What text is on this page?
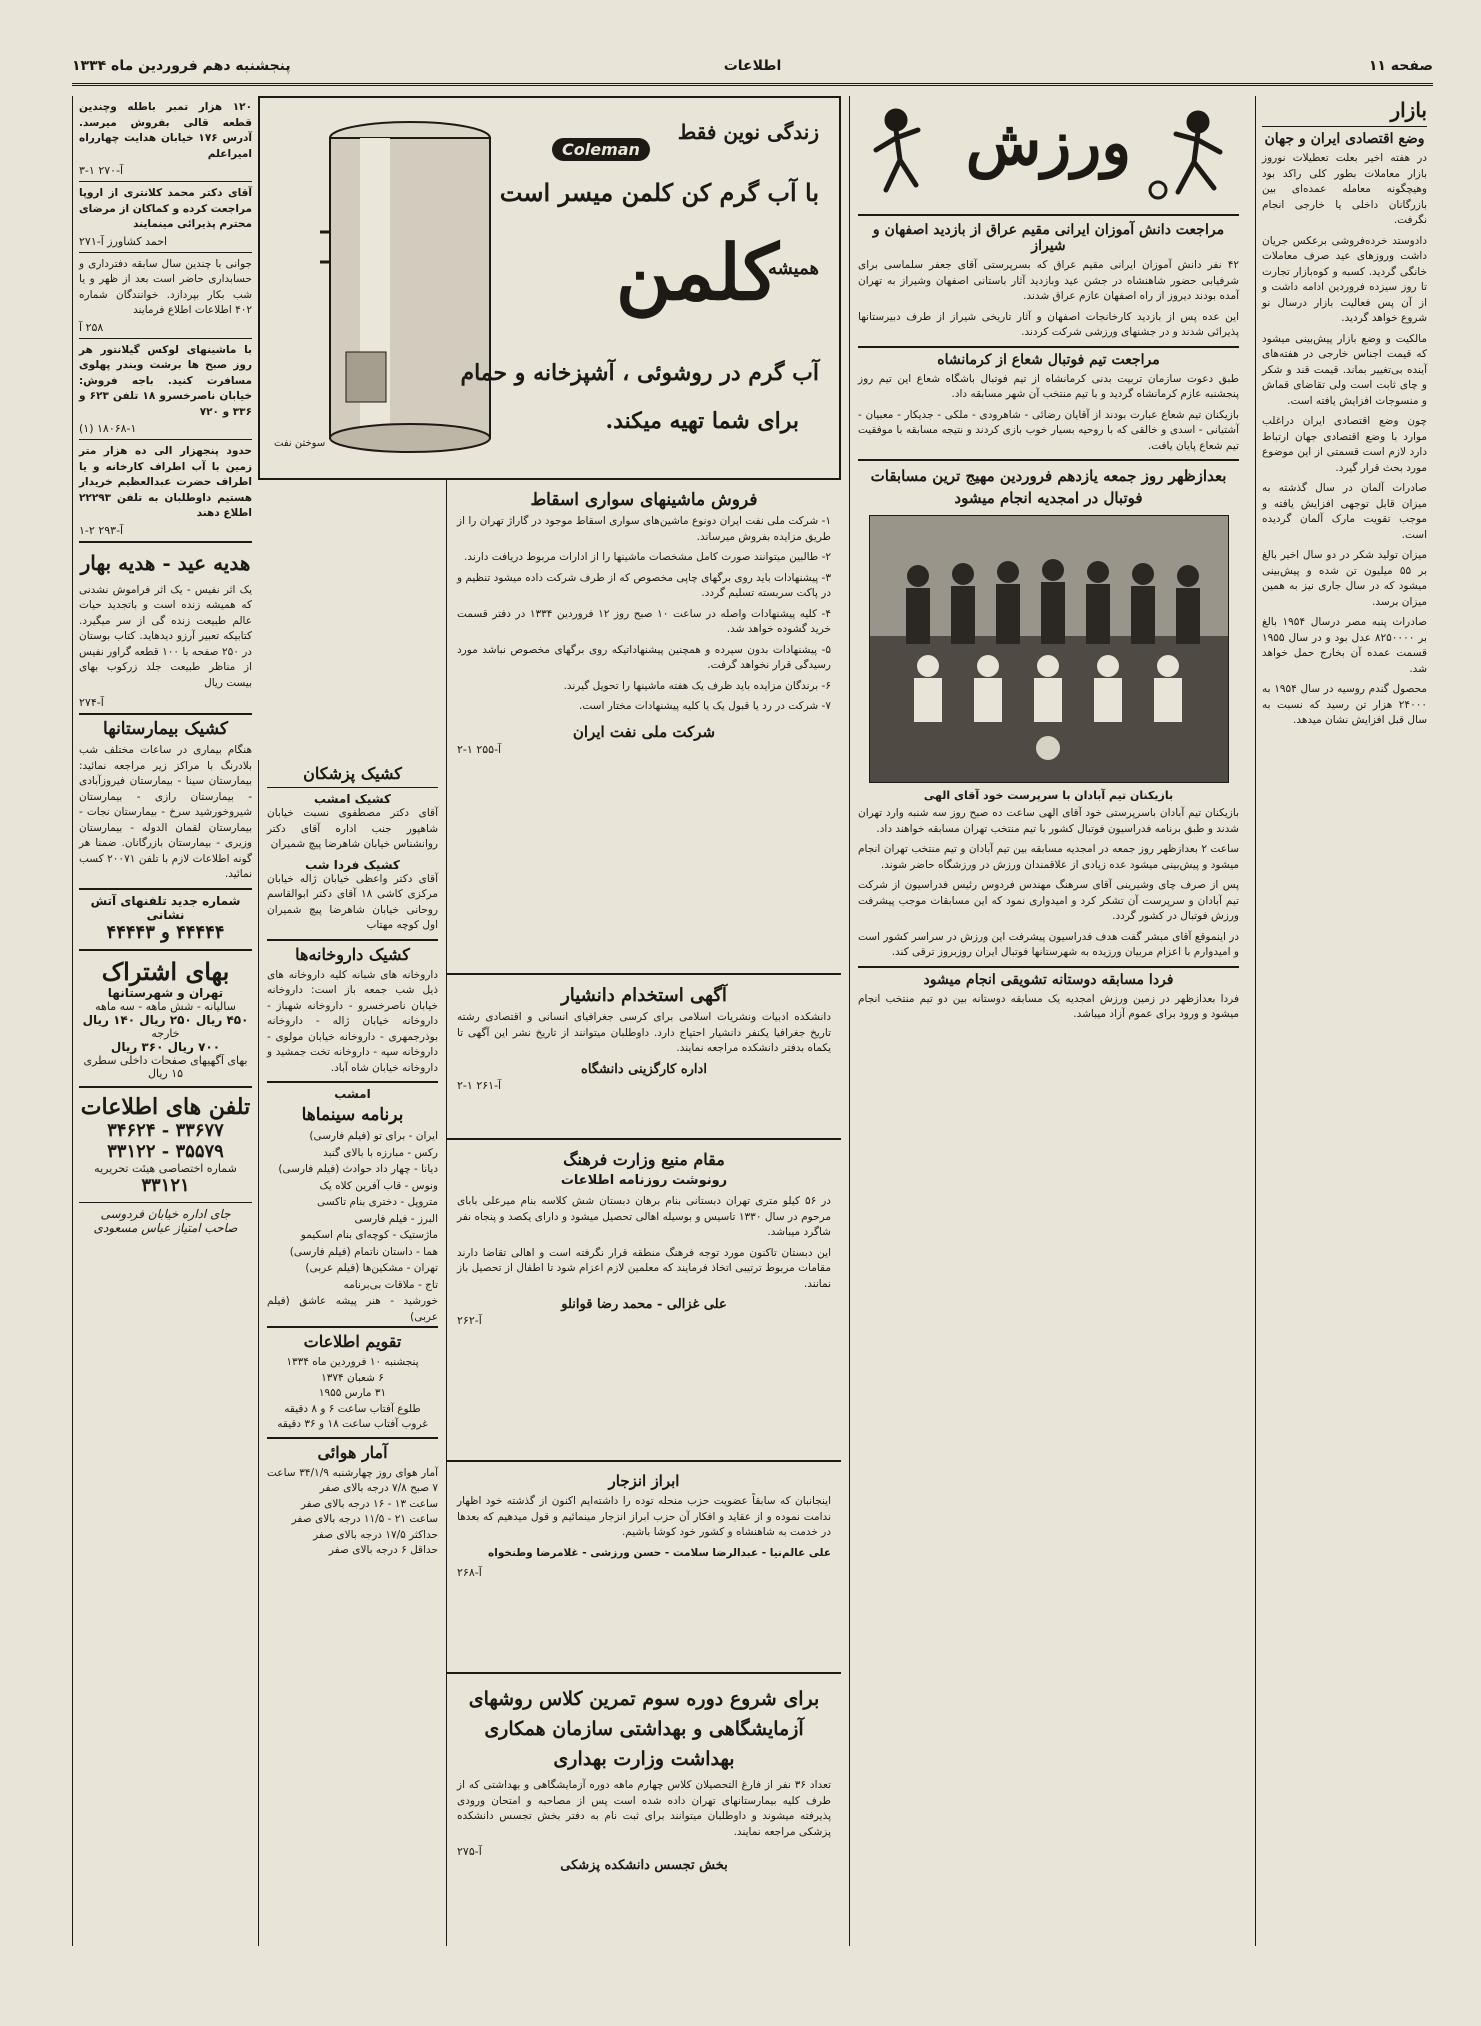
صفحه ۱۱
اطلاعات
پنجشنبه دهم فروردین ماه ۱۳۳۴
بازار
وضع اقتصادی ایران و جهان

در هفته اخیر بعلت تعطیلات نوروز بازار معاملات بطور کلی راکد بود وهیچگونه معامله عمده‌ای بین بازرگانان داخلی یا خارجی انجام نگرفت.

دادوستد خرده‌فروشی برعکس جریان داشت وروزهای عید صرف معاملات خانگی گردید. کسبه و کوه‌بازار تجارت تا روز سیزده فروردین ادامه داشت و از آن پس فعالیت بازار درسال نو شروع خواهد گردید.

مالکیت و وضع بازار پیش‌بینی میشود که قیمت اجناس خارجی در هفته‌های آینده بی‌تغییر بماند. قیمت قند و شکر و چای ثابت است ولی تقاضای قماش و منسوجات افزایش یافته است.

چون وضع اقتصادی ایران دراغلب موارد با وضع اقتصادی جهان ارتباط دارد لازم است قسمتی از این موضوع مورد بحث قرار گیرد.

صادرات آلمان در سال گذشته به میزان قابل توجهی افزایش یافته و موجب تقویت مارک آلمان گردیده است.

میزان تولید شکر در دو سال اخیر بالغ بر ۵۵ میلیون تن شده و پیش‌بینی میشود که در سال جاری نیز به همین میزان برسد.

صادرات پنبه مصر درسال ۱۹۵۴ بالغ بر ۸۲۵۰۰۰۰ عدل بود و در سال ۱۹۵۵ قسمت عمده آن بخارج حمل خواهد شد.

محصول گندم روسیه در سال ۱۹۵۴ به ۲۴۰۰۰ هزار تن رسید که نسبت به سال قبل افزایش نشان میدهد.

ورزش
مراجعت دانش آموزان ایرانی مقیم عراق از بازدید اصفهان و شیراز

۴۲ نفر دانش آموزان ایرانی مقیم عراق که بسرپرستی آقای جعفر سلماسی برای شرفیابی حضور شاهنشاه در جشن عید وبازدید آثار باستانی اصفهان وشیراز به تهران آمده بودند دیروز از راه اصفهان عازم عراق شدند.

این عده پس از بازدید کارخانجات اصفهان و آثار تاریخی شیراز از طرف دبیرستانها پذیرائی شدند و در جشنهای ورزشی شرکت کردند.

مراجعت تیم فوتبال شعاع از کرمانشاه

طبق دعوت سازمان تربیت بدنی کرمانشاه از تیم فوتبال باشگاه شعاع این تیم روز پنجشنبه عازم کرمانشاه گردید و با تیم منتخب آن شهر مسابقه داد.

بازیکنان تیم شعاع عبارت بودند از آقایان رضائی - شاهرودی - ملکی - جدیکار - معبیان - آشتیانی - اسدی و خالقی که با روحیه بسیار خوب بازی کردند و نتیجه مسابقه با موفقیت تیم شعاع پایان یافت.

بعدازظهر روز جمعه یازدهم فروردین مهیج ترین مسابقات فوتبال در امجدیه انجام میشود
بازیکنان تیم آبادان با سرپرست خود آقای الهی

بازیکنان تیم آبادان باسرپرستی خود آقای الهی ساعت ده صبح روز سه شنبه وارد تهران شدند و طبق برنامه فدراسیون فوتبال کشور با تیم منتخب تهران مسابقه خواهند داد.

ساعت ۲ بعدازظهر روز جمعه در امجدیه مسابقه بین تیم آبادان و تیم منتخب تهران انجام میشود و پیش‌بینی میشود عده زیادی از علاقمندان ورزش در ورزشگاه حاضر شوند.

پس از صرف چای وشیرینی آقای سرهنگ مهندس فردوس رئیس فدراسیون از شرکت تیم آبادان و سرپرست آن تشکر کرد و امیدواری نمود که این مسابقات موجب پیشرفت ورزش فوتبال در کشور گردد.

در اینموقع آقای مبشر گفت هدف فدراسیون پیشرفت این ورزش در سراسر کشور است و امیدوارم با اعزام مربیان ورزیده به شهرستانها فوتبال ایران روزبروز ترقی کند.

فردا مسابقه دوستانه تشویقی انجام میشود

فردا بعدازظهر در زمین ورزش امجدیه یک مسابقه دوستانه بین دو تیم منتخب انجام میشود و ورود برای عموم آزاد میباشد.

Coleman
زندگی نوین فقط
با آب گرم کن کلمن میسر است
کلمن
همیشه
آب گرم در روشوئی ، آشپزخانه و حمام
برای شما تهیه میکند.
سوختن نفت
فروش ماشینهای سواری اسقاط

۱- شرکت ملی نفت ایران دونوع ماشین‌های سواری اسقاط موجود در گاراژ تهران را از طریق مزایده بفروش میرساند.

۲- طالبین میتوانند صورت کامل مشخصات ماشینها را از ادارات مربوط دریافت دارند.

۳- پیشنهادات باید روی برگهای چاپی مخصوص که از طرف شرکت داده میشود تنظیم و در پاکت سربسته تسلیم گردد.

۴- کلیه پیشنهادات واصله در ساعت ۱۰ صبح روز ۱۲ فروردین ۱۳۳۴ در دفتر قسمت خرید گشوده خواهد شد.

۵- پیشنهادات بدون سپرده و همچنین پیشنهاداتیکه روی برگهای مخصوص نباشد مورد رسیدگی قرار نخواهد گرفت.

۶- برندگان مزایده باید ظرف یک هفته ماشینها را تحویل گیرند.

۷- شرکت در رد یا قبول یک یا کلیه پیشنهادات مختار است.

شرکت ملی نفت ایران
آ-۲۵۵ ۱-۲
آگهی استخدام دانشیار

دانشکده ادبیات ونشریات اسلامی برای کرسی جغرافیای انسانی و اقتصادی رشته تاریخ جغرافیا یکنفر دانشیار احتیاج دارد. داوطلبان میتوانند از تاریخ نشر این آگهی تا یکماه بدفتر دانشکده مراجعه نمایند.

اداره کارگزینی دانشگاه
آ-۲۶۱ ۱-۲
مقام منیع وزارت فرهنگ
رونوشت روزنامه اطلاعات

در ۵۶ کیلو متری تهران دبستانی بنام برهان دبستان شش کلاسه بنام میرعلی بابای مرحوم در سال ۱۳۳۰ تاسیس و بوسیله اهالی تحصیل میشود و دارای یکصد و پنجاه نفر شاگرد میباشد.

این دبستان تاکنون مورد توجه فرهنگ منطقه قرار نگرفته است و اهالی تقاضا دارند مقامات مربوط ترتیبی اتخاذ فرمایند که معلمین لازم اعزام شود تا اطفال از تحصیل باز نمانند.

علی غزالی - محمد رضا قوانلو
آ-۲۶۲
ابراز انزجار

اینجانبان که سابقاً عضویت حزب منحله توده را داشته‌ایم اکنون از گذشته خود اظهار ندامت نموده و از عقاید و افکار آن حزب ابراز انزجار مینمائیم و قول میدهیم که بعدها در خدمت به شاهنشاه و کشور خود کوشا باشیم.

علی عالم‌نیا - عبدالرضا سلامت - حسن ورزشی - غلامرضا وطنخواه

آ-۲۶۸
برای شروع دوره سوم تمرین کلاس روشهای آزمایشگاهی و بهداشتی سازمان همکاری بهداشت وزارت بهداری

تعداد ۳۶ نفر از فارغ التحصیلان کلاس چهارم ماهه دوره آزمایشگاهی و بهداشتی که از طرف کلیه بیمارستانهای تهران داده شده است پس از مصاحبه و امتحان ورودی پذیرفته میشوند و داوطلبان میتوانند برای ثبت نام به دفتر بخش تجسس دانشکده پزشکی مراجعه نمایند.

آ-۲۷۵
بخش تجسس دانشکده پزشکی
کشیک پزشکان
کشیک امشب

آقای دکتر مصطفوی نسبت خیابان شاهپور جنب اداره آقای دکتر روانشناس خیابان شاهرضا پیچ شمیران

کشیک فردا شب

آقای دکتر واعظی خیابان ژاله خیابان مرکزی کاشی ۱۸ آقای دکتر ابوالقاسم روحانی خیابان شاهرضا پیچ شمیران اول کوچه مهتاب

کشیک داروخانه‌ها

داروخانه های شبانه کلیه داروخانه های ذیل شب جمعه باز است: داروخانه خیابان ناصرخسرو - داروخانه شهباز - داروخانه خیابان ژاله - داروخانه بوذرجمهری - داروخانه خیابان مولوی - داروخانه سپه - داروخانه تخت جمشید و داروخانه خیابان شاه آباد.

امشب
برنامه سینماها

ایران - برای تو (فیلم فارسی)

رکس - مبارزه با بالای گنبد

دیانا - چهار داد حوادث (فیلم فارسی)

ونوس - قاب آفرین کلاه یک

متروپل - دختری بنام تاکسی

البرز - فیلم فارسی

ماژستیک - کوچه‌ای بنام اسکیمو

هما - داستان ناتمام (فیلم فارسی)

تهران - مشکین‌ها (فیلم عربی)

تاج - ملاقات بی‌برنامه

خورشید - هنر پیشه عاشق (فیلم عربی)

تقویم اطلاعات

پنجشنبه ۱۰ فروردین ماه ۱۳۳۴

۶ شعبان ۱۳۷۴

۳۱ مارس ۱۹۵۵

طلوع آفتاب ساعت ۶ و ۸ دقیقه

غروب آفتاب ساعت ۱۸ و ۳۶ دقیقه

آمار هوائی

آمار هوای روز چهارشنبه ۳۴/۱/۹ ساعت ۷ صبح ۷/۸ درجه بالای صفر

ساعت ۱۳ - ۱۶ درجه بالای صفر

ساعت ۲۱ - ۱۱/۵ درجه بالای صفر

حداکثر ۱۷/۵ درجه بالای صفر

حداقل ۶ درجه بالای صفر

۱۲۰ هزار تمبر باطله وچندین قطعه قالی بفروش میرسد. آدرس ۱۷۶ خیابان هدایت چهارراه امیراعلم

آ-۲۷۰ ۱-۳

آقای دکتر محمد کلانتری از اروپا مراجعت کرده و کماکان از مرضای محترم پذیرائی مینمایند

احمد کشاورز آ-۲۷۱

جوانی با چندین سال سابقه دفترداری و حسابداری حاضر است بعد از ظهر و یا شب بکار بپردازد. خوانندگان شماره ۴۰۲ اطلاعات اطلاع فرمایند

۲۵۸ آ

با ماشینهای لوکس گیلانتور هر روز صبح ها برشت وبندر پهلوی مسافرت کنید. باجه فروش: خیابان ناصرخسرو ۱۸ تلفن ۶۲۳ و ۳۳۶ و ۷۲۰

۱۸۰۶۸-۱ (۱)

حدود پنجهزار الی ده هزار متر زمین با آب اطراف کارخانه و یا اطراف حضرت عبدالعظیم خریدار هستیم داوطلبان به تلفن ۲۲۲۹۳ اطلاع دهند

آ-۲۹۳ ۲-۱
هدیه عید - هدیه بهار

یک اثر نفیس - یک اثر فراموش نشدنی که همیشه زنده است و باتجدید حیات عالم طبیعت زنده گی از سر میگیرد. کتابیکه تعبیر آرزو دیدهاید. کتاب بوستان در ۲۵۰ صفحه با ۱۰۰ قطعه گراور نفیس از مناظر طبیعت جلد زرکوب بهای بیست ریال

آ-۲۷۴
کشیک بیمارستانها

هنگام بیماری در ساعات مختلف شب بلادرنگ با مراکز زیر مراجعه نمائید: بیمارستان سینا - بیمارستان فیروزآبادی - بیمارستان رازی - بیمارستان شیروخورشید سرخ - بیمارستان نجات - بیمارستان لقمان الدوله - بیمارستان وزیری - بیمارستان بازرگانان. ضمنا هر گونه اطلاعات لازم با تلفن ۲۰۰۷۱ کسب نمائید.

شماره جدید تلفنهای آتش نشانی
۴۴۴۴۴ و ۴۴۴۴۳
بهای اشتراک
تهران و شهرستانها
سالیانه - شش ماهه - سه ماهه
۴۵۰ ریال ۲۵۰ ریال ۱۴۰ ریال
خارجه
۷۰۰ ریال ۳۶۰ ریال
بهای آگهیهای صفحات داخلی سطری ۱۵ ریال
تلفن های اطلاعات
۳۳۶۷۷ - ۳۴۶۲۴
۳۵۵۷۹ - ۳۳۱۲۲
شماره اختصاصی هیئت تحریریه
۳۳۱۲۱
جای اداره خیابان فردوسی
صاحب امتیاز عباس مسعودی
